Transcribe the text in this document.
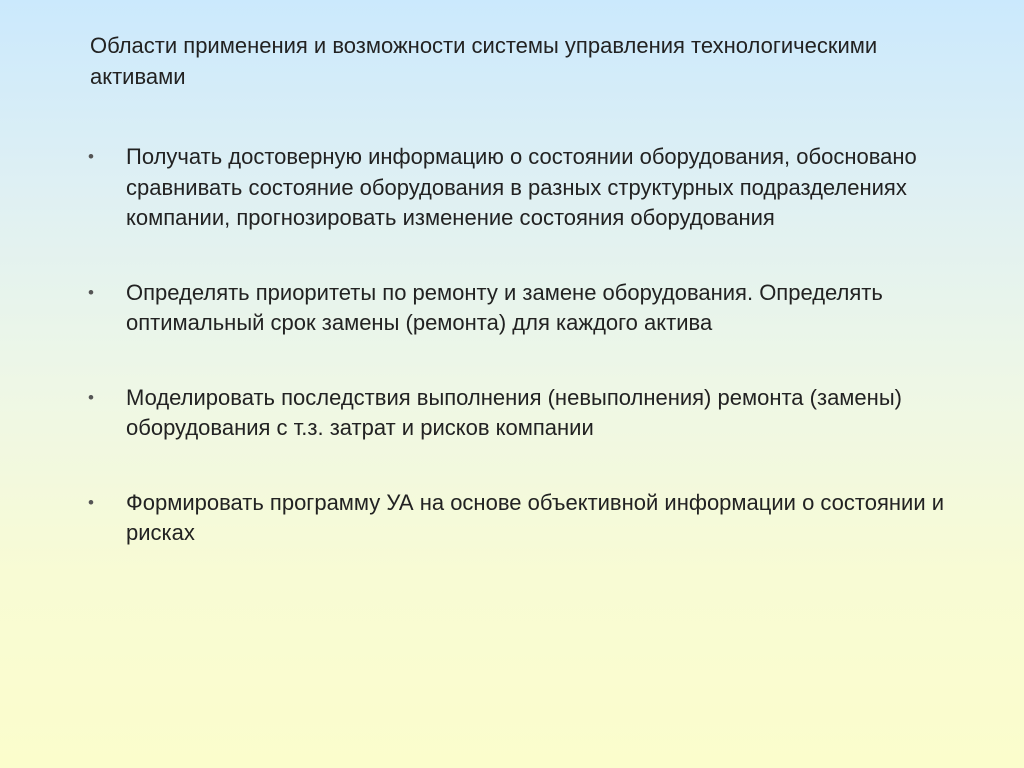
Области применения и возможности системы управления технологическими активами
• Получать достоверную информацию о состоянии оборудования, обосновано сравнивать состояние оборудования в разных структурных подразделениях компании, прогнозировать изменение состояния оборудования
• Определять приоритеты по ремонту и замене оборудования. Определять оптимальный срок замены (ремонта) для каждого актива
• Моделировать последствия выполнения (невыполнения) ремонта (замены) оборудования с т.з. затрат и рисков компании
• Формировать программу УА на основе объективной информации о состоянии и рисках
